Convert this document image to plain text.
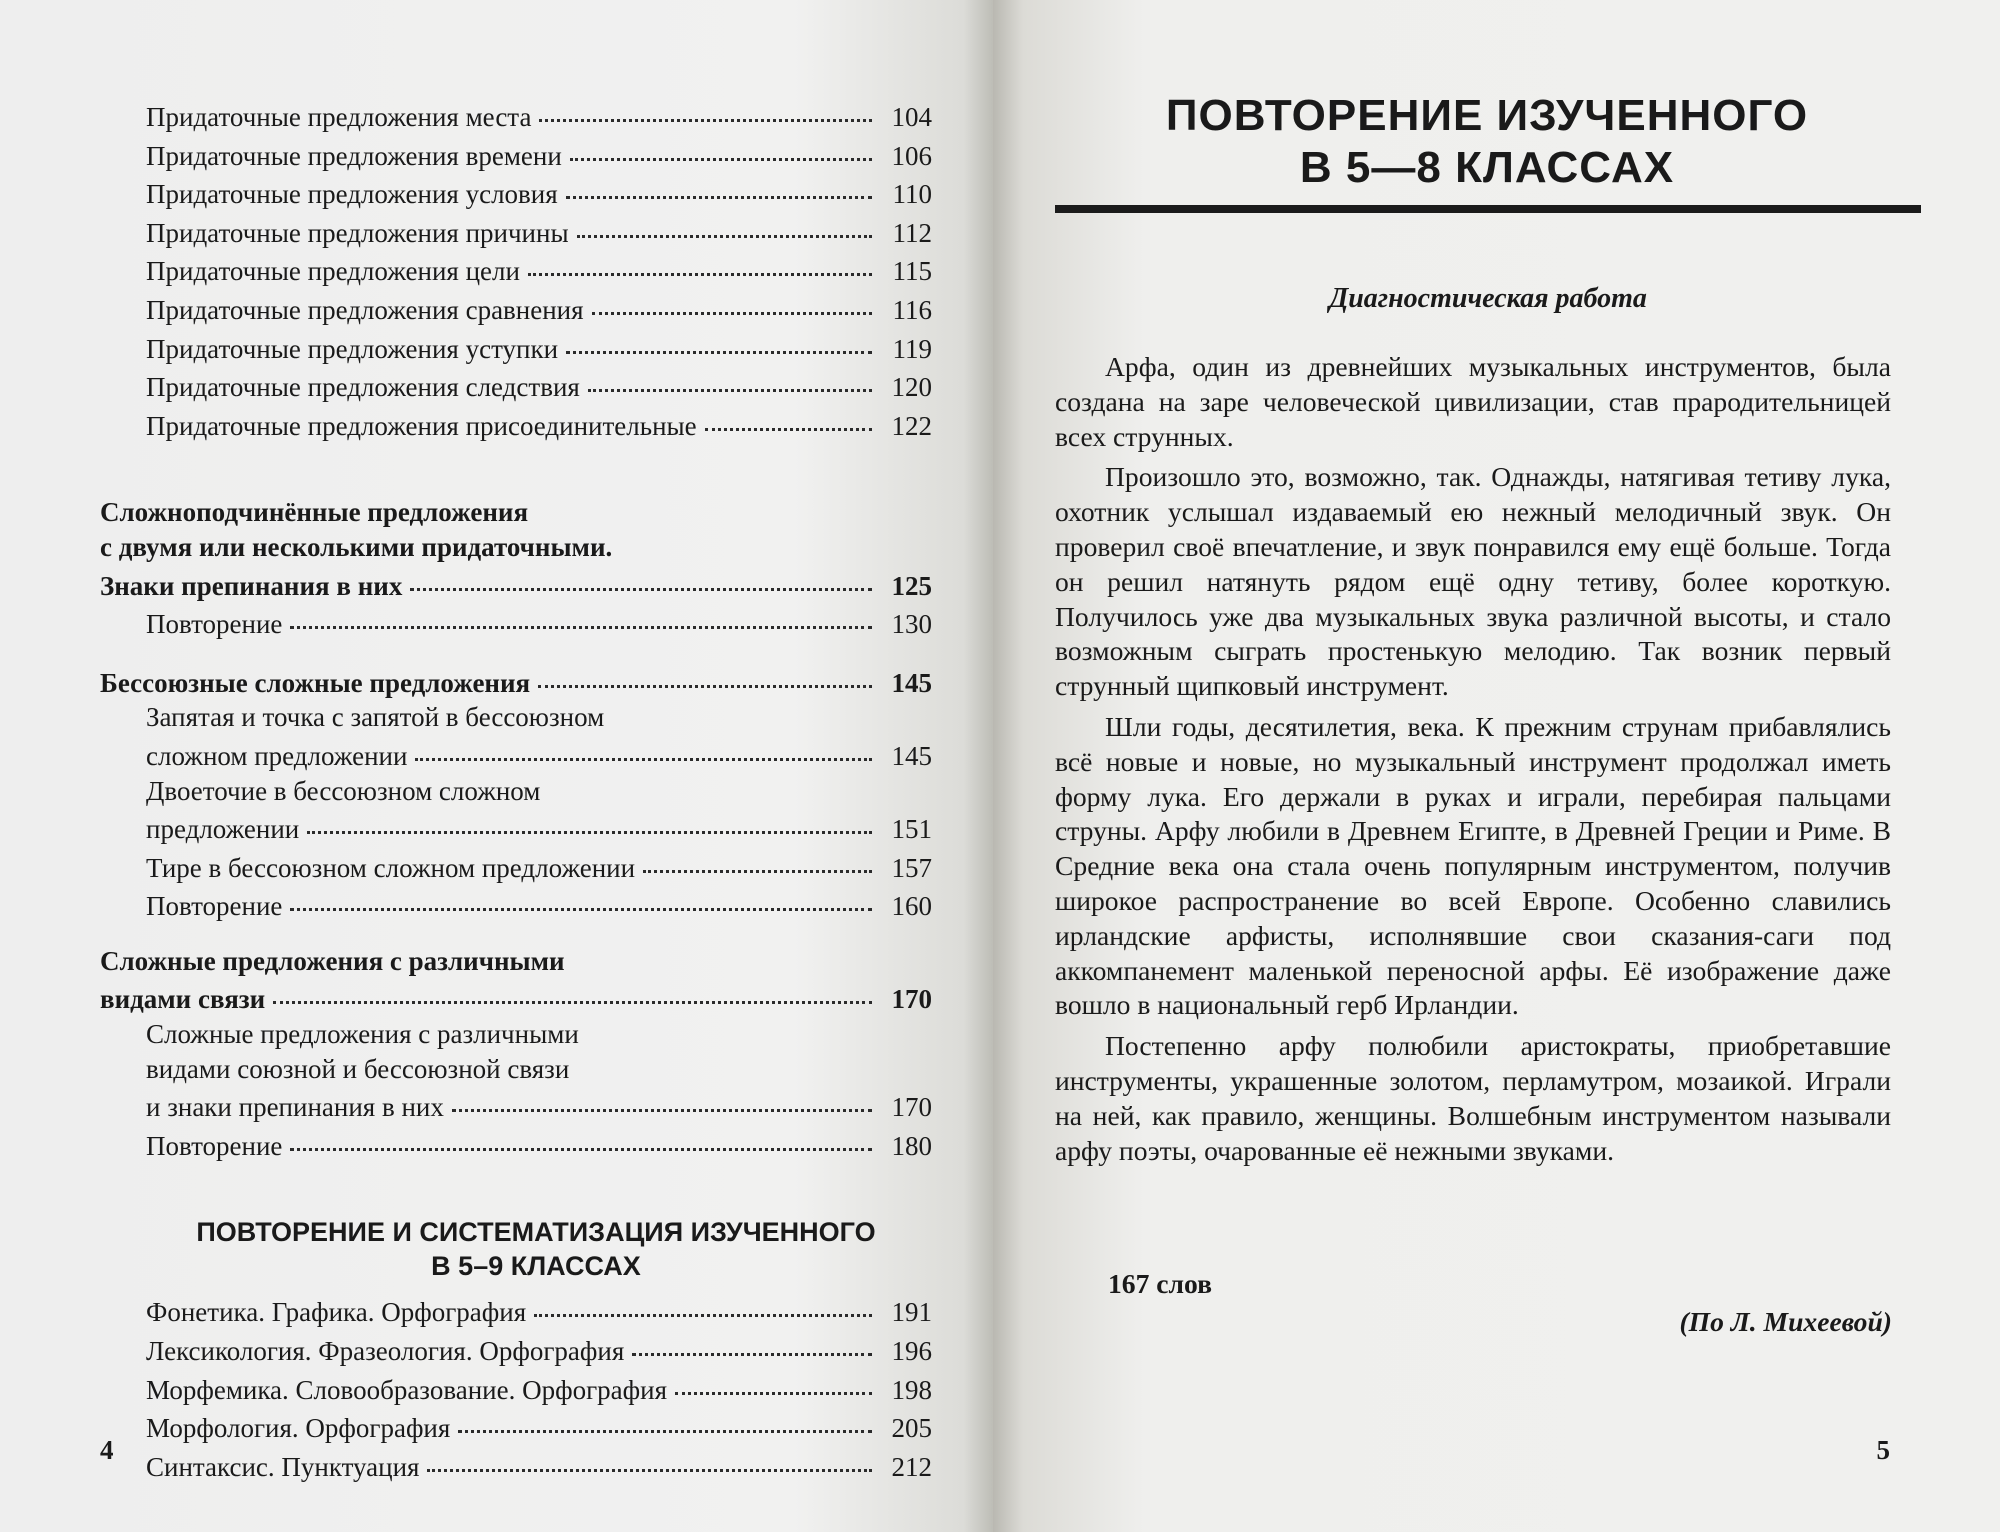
Придаточные предложения места	104
Придаточные предложения времени	106
Придаточные предложения условия	110
Придаточные предложения причины	112
Придаточные предложения цели	115
Придаточные предложения сравнения	116
Придаточные предложения уступки	119
Придаточные предложения следствия	120
Придаточные предложения присоединительные	122
Сложноподчинённые предложения
с двумя или несколькими придаточными.
Знаки препинания в них	125
Повторение	130
Бессоюзные сложные предложения	145
Запятая и точка с запятой в бессоюзном
сложном предложении	145
Двоеточие в бессоюзном сложном
предложении	151
Тире в бессоюзном сложном предложении	157
Повторение	160
Сложные предложения с различными
видами связи	170
Сложные предложения с различными
видами союзной и бессоюзной связи
и знаки препинания в них	170
Повторение	180
ПОВТОРЕНИЕ И СИСТЕМАТИЗАЦИЯ ИЗУЧЕННОГО
В 5–9 КЛАССАХ
Фонетика. Графика. Орфография	191
Лексикология. Фразеология. Орфография	196
Морфемика. Словообразование. Орфография	198
Морфология. Орфография	205
Синтаксис. Пунктуация	212
4
ПОВТОРЕНИЕ ИЗУЧЕННОГО
В 5—8 КЛАССАХ
Диагностическая работа

Арфа, один из древнейших музыкальных инструментов, была создана на заре человеческой цивилизации, став прародительницей всех струнных.

Произошло это, возможно, так. Однажды, натягивая тетиву лука, охотник услышал издаваемый ею нежный мелодичный звук. Он проверил своё впечатление, и звук понравился ему ещё больше. Тогда он решил натянуть рядом ещё одну тетиву, более короткую. Получилось уже два музыкальных звука различной высоты, и стало возможным сыграть простенькую мелодию. Так возник первый струнный щипковый инструмент.

Шли годы, десятилетия, века. К прежним струнам прибавлялись всё новые и новые, но музыкальный инструмент продолжал иметь форму лука. Его держали в руках и играли, перебирая пальцами струны. Арфу любили в Древнем Египте, в Древней Греции и Риме. В Средние века она стала очень популярным инструментом, получив широкое распространение во всей Европе. Особенно славились ирландские арфисты, исполнявшие свои сказания-саги под аккомпанемент маленькой переносной арфы. Её изображение даже вошло в национальный герб Ирландии.

Постепенно арфу полюбили аристократы, приобретавшие инструменты, украшенные золотом, перламутром, мозаикой. Играли на ней, как правило, женщины. Волшебным инструментом называли арфу поэты, очарованные её нежными звуками.

167 слов
(По Л. Михеевой)
5
